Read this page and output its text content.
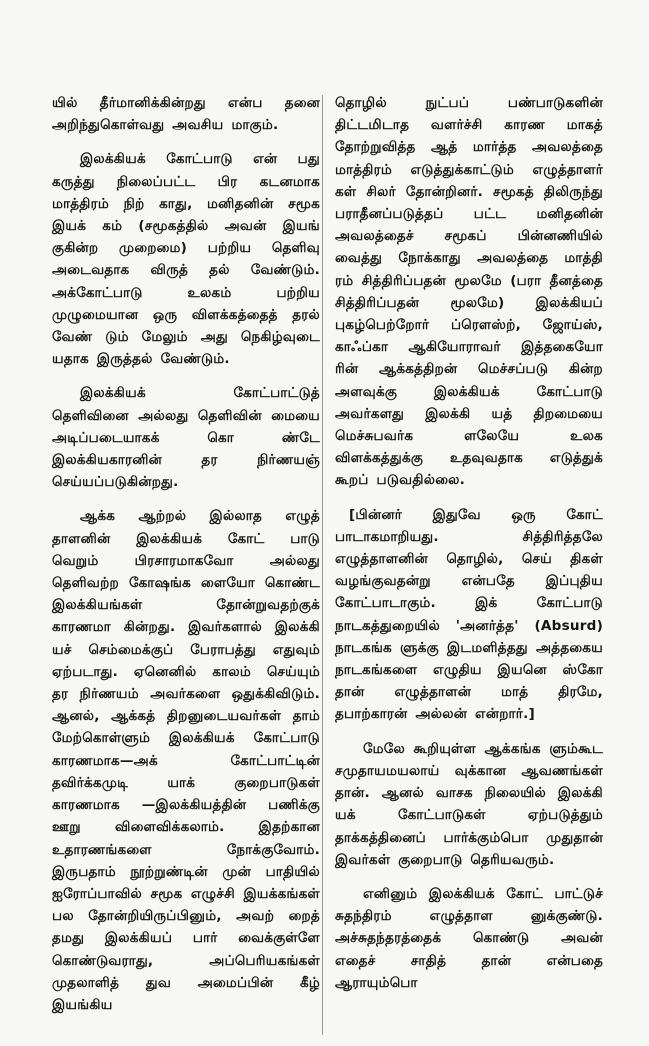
யில் தீர்மானிக்கின்றது என்ப தனை அறிந்துகொள்வது அவசிய மாகும்.

இலக்கியக் கோட்பாடு என் பது கருத்து நிலைப்பட்ட பிர கடனமாக மாத்திரம் நிற் காது, மனிதனின் சமூக இயக் கம் (சமூகத்தில் அவன் இயங் குகின்ற முறைமை) பற்றிய தெளிவு அடைவதாக விருத் தல் வேண்டும். அக்கோட்பாடு உலகம் பற்றிய முழுமையான ஒரு விளக்கத்தைத் தரல் வேண் டும் மேலும் அது நெகிழ்வுடை யதாக இருத்தல் வேண்டும்.

இலக்கியக் கோட்பாட்டுத் தெளிவினை அல்லது தெளிவின் மையை அடிப்படையாகக் கொ ண்டே இலக்கியகாரனின் தர நிர்ணயஞ் செய்யப்படுகின்றது.

ஆக்க ஆற்றல் இல்லாத எழுத் தாளனின் இலக்கியக் கோட் பாடு வெறும் பிரசாரமாகவோ அல்லது தெளிவற்ற கோஷங்க ளையோ கொண்ட இலக்கியங்கள் தோன்றுவதற்குக் காரணமா கின்றது. இவர்களால் இலக்கி யச் செம்மைக்குப் பேராபத்து எதுவும் ஏற்படாது. ஏனெனில் காலம் செய்யும் தர நிர்ணயம் அவர்களை ஒதுக்கிவிடும். ஆனல், ஆக்கத் திறனுடையவர்கள் தாம் மேற்கொள்ளும் இலக்கியக் கோட்பாடு காரணமாக—அக் கோட்பாட்டின் தவிர்க்கமுடி யாக் குறைபாடுகள் காரணமாக —இலக்கியத்தின் பணிக்கு ஊறு விளைவிக்கலாம். இதற்கான உதாரணங்களை நோக்குவோம். இருபதாம் நூற்றுண்டின் முன் பாதியில் ஐரோப்பாவில் சமூக எழுச்சி இயக்கங்கள் பல தோன்றியிருப்பினும், அவற் றைத் தமது இலக்கியப் பார் வைக்குள்ளே கொண்டுவராது, அப்பெரியகங்கள் முதலாளித் துவ அமைப்பின் கீழ் இயங்கிய

தொழில் நுட்பப் பண்பாடுகளின் திட்டமிடாத வளர்ச்சி காரண மாகத் தோற்றுவித்த ஆத் மார்த்த அவலத்தை மாத்திரம் எடுத்துக்காட்டும் எழுத்தாளர் கள் சிலர் தோன்றினர். சமூகத் திலிருந்து பராதீனப்படுத்தப் பட்ட மனிதனின் அவலத்தைச் சமூகப் பின்னணியில் வைத்து நோக்காது அவலத்தை மாத்தி ரம் சித்திரிப்பதன் மூலமே (பரா தீனத்தை சித்திரிப்பதன் மூலமே) இலக்கியப் புகழ்பெற்றோர் ப்ரௌஸ்ற், ஜோய்ஸ், காஃப்கா ஆகியோராவர் இத்தகையோ ரின் ஆக்கத்திறன் மெச்சப்படு கின்ற அளவுக்கு இலக்கியக் கோட்பாடு அவர்களது இலக்கி யத் திறமையை மெச்சுபவர்க ளலேயே உலக விளக்கத்துக்கு உதவுவதாக எடுத்துக் கூறப் படுவதில்லை.

[பின்னர் இதுவே ஒரு கோட் பாடாகமாறியது. சித்திரித்தலே எழுத்தாளனின் தொழில், செய் திகள் வழங்குவதன்று என்பதே இப்புதிய கோட்பாடாகும். இக் கோட்பாடு நாடகத்துறையில் 'அனர்த்த' (Absurd) நாடகங்க ளுக்கு இடமளித்தது அத்தகைய நாடகங்களை எழுதிய இயனெ ஸ்கோ தான் எழுத்தாளன் மாத் திரமே, தபாற்காரன் அல்லன் என்றார்.]

மேலே கூறியுள்ள ஆக்கங்க ளும்கூட சமுதாயமயலாய் வுக்கான ஆவணங்கள் தான். ஆனல் வாசக நிலையில் இலக்கி யக் கோட்பாடுகள் ஏற்படுத்தும் தாக்கத்தினைப் பார்க்கும்பொ முதுதான் இவர்கள் குறைபாடு தெரியவரும்.

எனினும் இலக்கியக் கோட் பாட்டுச் சுதந்திரம் எழுத்தாள னுக்குண்டு. அச்சுதந்தரத்தைக் கொண்டு அவன் எதைச் சாதித் தான் என்பதை ஆராயும்பொ
